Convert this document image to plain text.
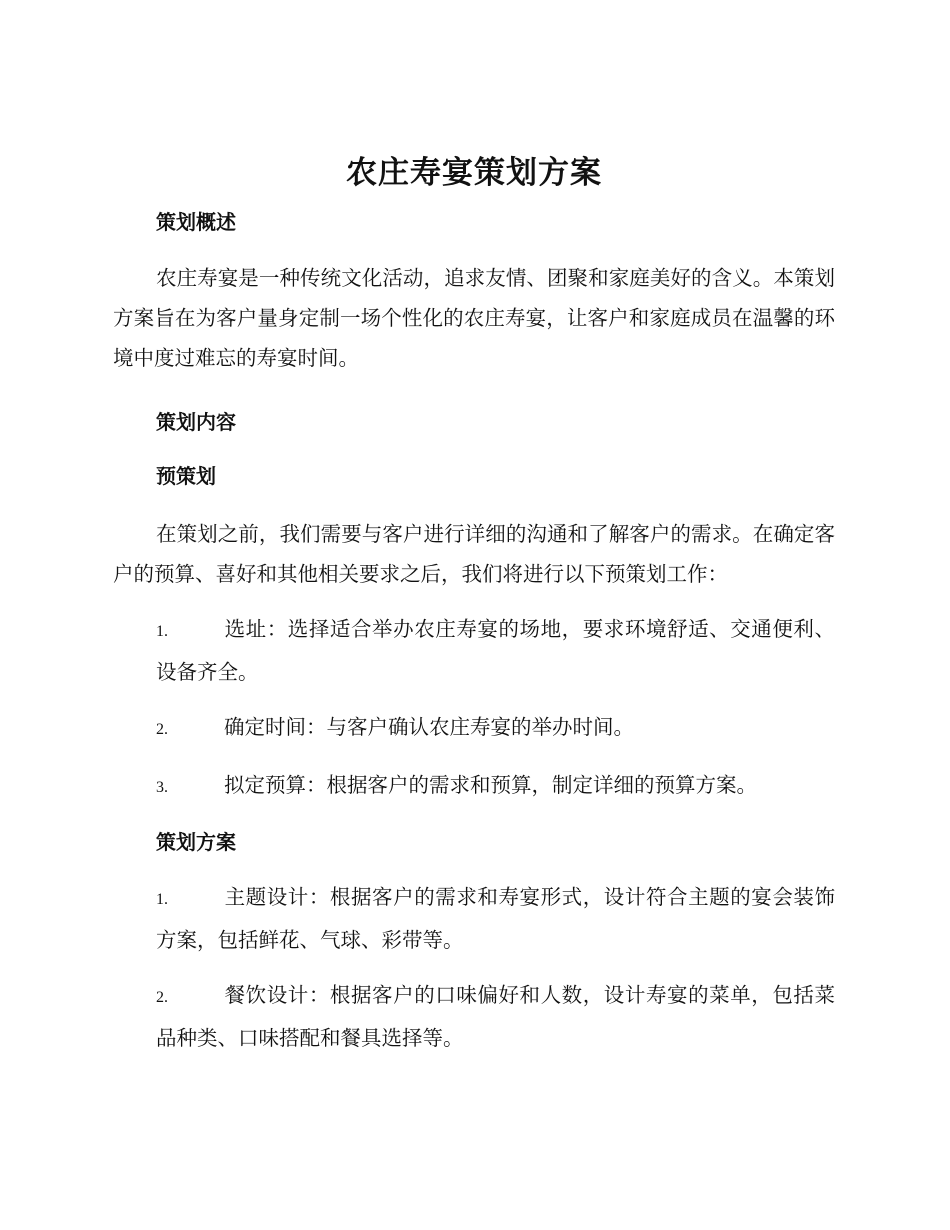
农庄寿宴策划方案
策划概述

农庄寿宴是一种传统文化活动，追求友情、团聚和家庭美好的含义。本策划方案旨在为客户量身定制一场个性化的农庄寿宴，让客户和家庭成员在温馨的环境中度过难忘的寿宴时间。

策划内容
预策划

在策划之前，我们需要与客户进行详细的沟通和了解客户的需求。在确定客户的预算、喜好和其他相关要求之后，我们将进行以下预策划工作：

1.	选址：选择适合举办农庄寿宴的场地，要求环境舒适、交通便利、设备齐全。

2.	确定时间：与客户确认农庄寿宴的举办时间。

3.	拟定预算：根据客户的需求和预算，制定详细的预算方案。

策划方案

1.	主题设计：根据客户的需求和寿宴形式，设计符合主题的宴会装饰方案，包括鲜花、气球、彩带等。

2.	餐饮设计：根据客户的口味偏好和人数，设计寿宴的菜单，包括菜品种类、口味搭配和餐具选择等。
